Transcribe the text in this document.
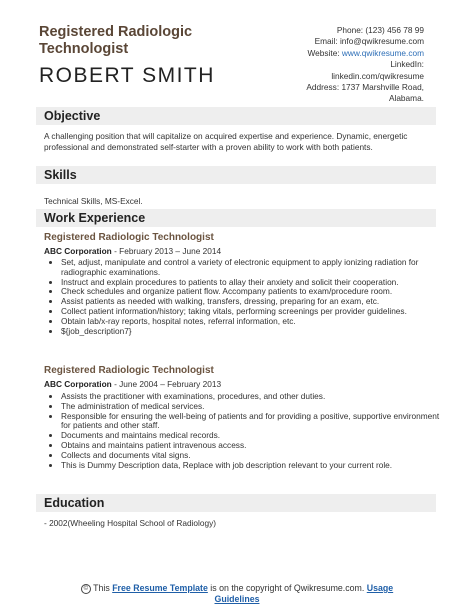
Registered Radiologic Technologist
ROBERT SMITH
Phone: (123) 456 78 99
Email: info@qwikresume.com
Website: www.qwikresume.com
LinkedIn:
linkedin.com/qwikresume
Address: 1737 Marshville Road,
Alabama.
Objective
A challenging position that will capitalize on acquired expertise and experience. Dynamic, energetic professional and demonstrated self-starter with a proven ability to work with both patients.
Skills
Technical Skills, MS-Excel.
Work Experience
Registered Radiologic Technologist
ABC Corporation - February 2013 – June 2014
• Set, adjust, manipulate and control a variety of electronic equipment to apply ionizing radiation for radiographic examinations.
• Instruct and explain procedures to patients to allay their anxiety and solicit their cooperation.
• Check schedules and organize patient flow. Accompany patients to exam/procedure room.
• Assist patients as needed with walking, transfers, dressing, preparing for an exam, etc.
• Collect patient information/history; taking vitals, performing screenings per provider guidelines.
• Obtain lab/x-ray reports, hospital notes, referral information, etc.
• ${job_description7}
Registered Radiologic Technologist
ABC Corporation - June 2004 – February 2013
• Assists the practitioner with examinations, procedures, and other duties.
• The administration of medical services.
• Responsible for ensuring the well-being of patients and for providing a positive, supportive environment for patients and other staff.
• Documents and maintains medical records.
• Obtains and maintains patient intravenous access.
• Collects and documents vital signs.
• This is Dummy Description data, Replace with job description relevant to your current role.
Education
- 2002(Wheeling Hospital School of Radiology)
© This Free Resume Template is on the copyright of Qwikresume.com. Usage
Guidelines
